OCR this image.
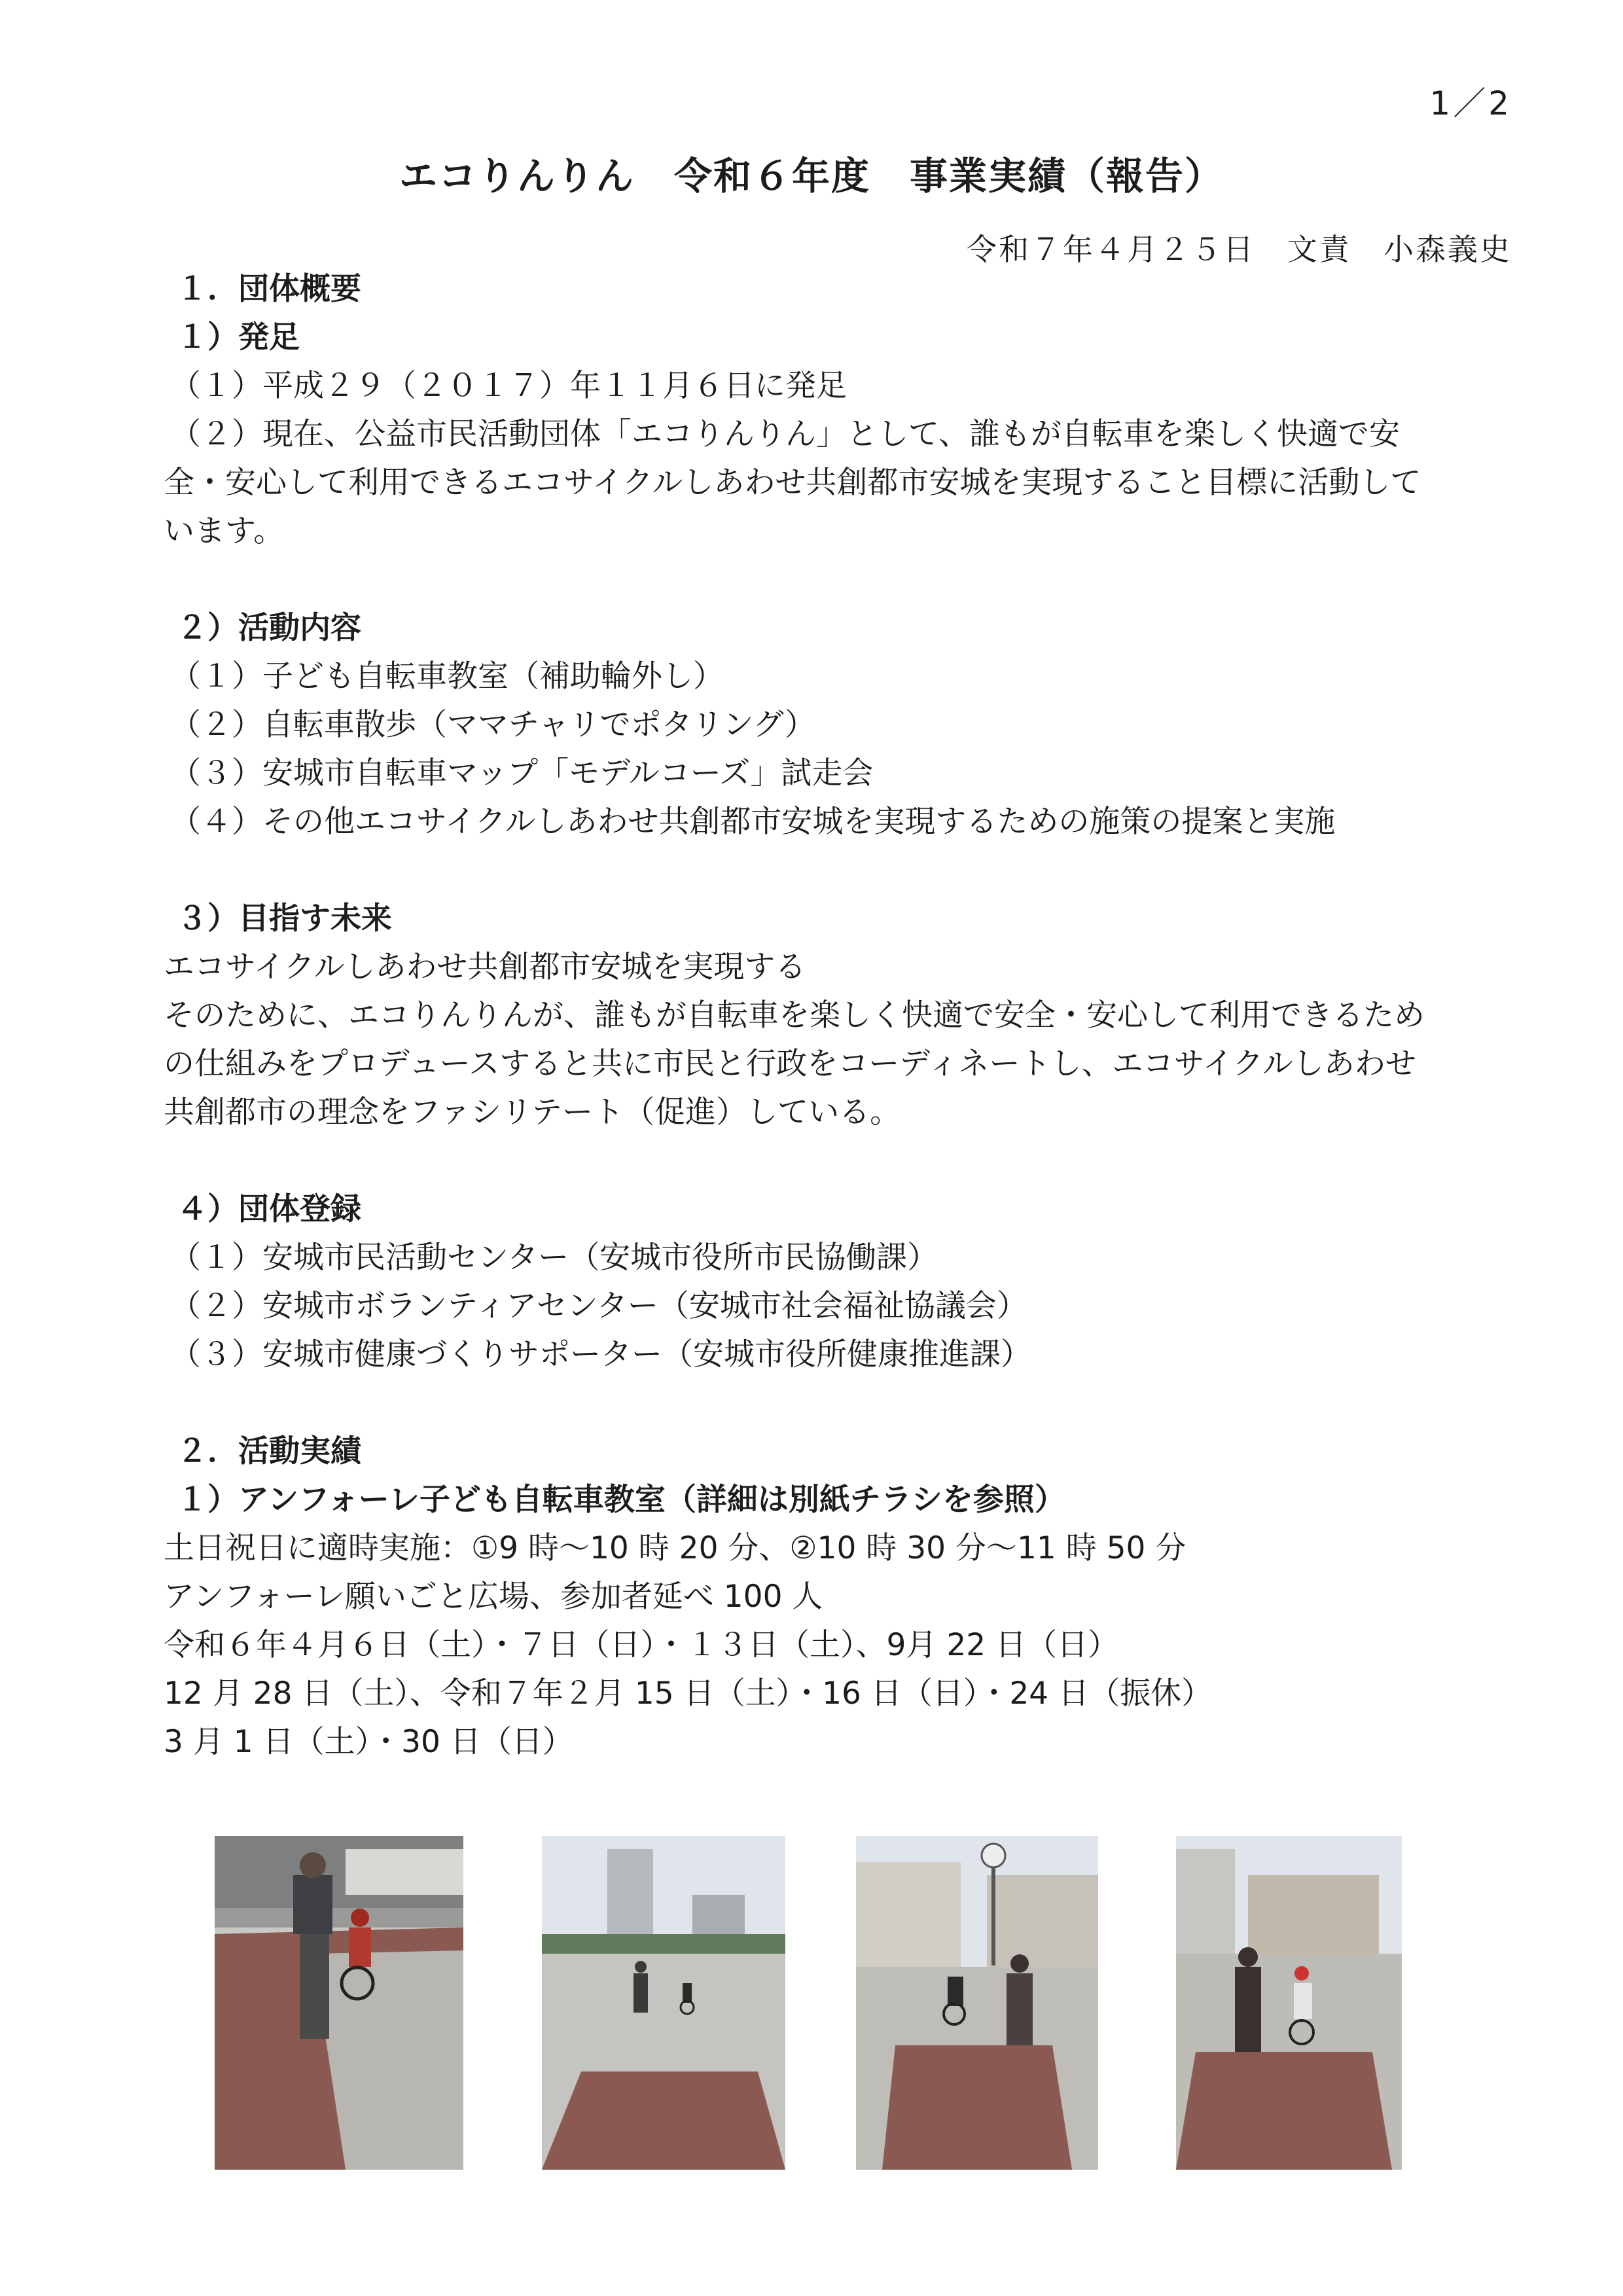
1／2
エコりんりん　令和６年度　事業実績（報告）
令和７年４月２５日　文責　小森義史
１．団体概要
１）発足
（１）平成２９（２０１７）年１１月６日に発足
（２）現在、公益市民活動団体「エコりんりん」として、誰もが自転車を楽しく快適で安
全・安心して利用できるエコサイクルしあわせ共創都市安城を実現すること目標に活動して
います。
２）活動内容
（１）子ども自転車教室（補助輪外し）
（２）自転車散歩（ママチャリでポタリング）
（３）安城市自転車マップ「モデルコーズ」試走会
（４）その他エコサイクルしあわせ共創都市安城を実現するための施策の提案と実施
３）目指す未来
エコサイクルしあわせ共創都市安城を実現する
そのために、エコりんりんが、誰もが自転車を楽しく快適で安全・安心して利用できるため
の仕組みをプロデュースすると共に市民と行政をコーディネートし、エコサイクルしあわせ
共創都市の理念をファシリテート（促進）している。
４）団体登録
（１）安城市民活動センター（安城市役所市民協働課）
（２）安城市ボランティアセンター（安城市社会福祉協議会）
（３）安城市健康づくりサポーター（安城市役所健康推進課）
２．活動実績
１）アンフォーレ子ども自転車教室（詳細は別紙チラシを参照）
土日祝日に適時実施：①9 時～10 時 20 分、②10 時 30 分～11 時 50 分
アンフォーレ願いごと広場、参加者延べ 100 人
令和６年４月６日（土）・７日（日）・１３日（土）、9月 22 日（日）
12 月 28 日（土）、令和７年２月 15 日（土）・16 日（日）・24 日（振休）
3 月 1 日（土）・30 日（日）
